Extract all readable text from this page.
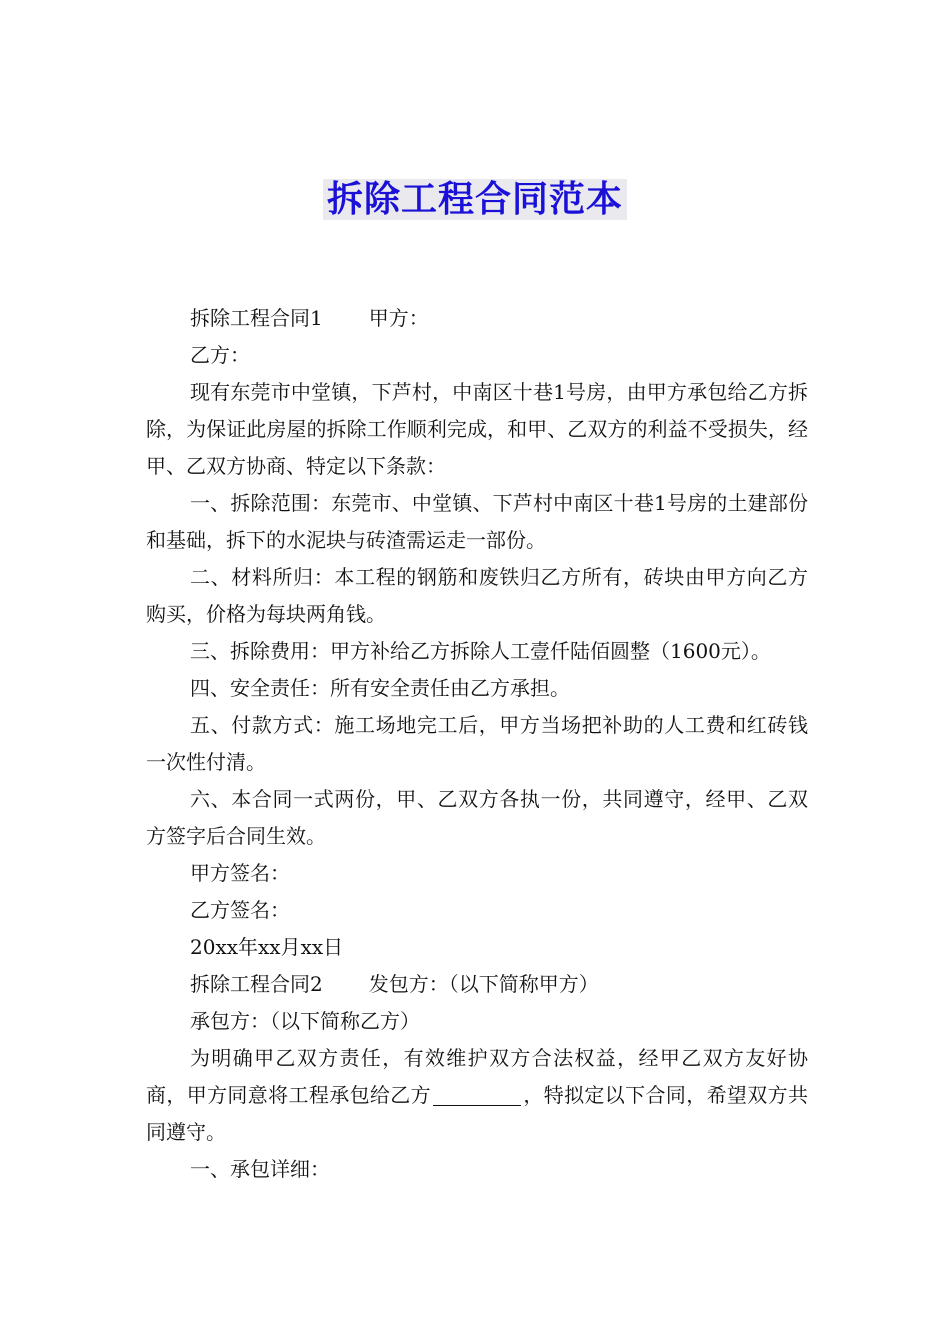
拆除工程合同范本

拆除工程合同1 甲方：

乙方：

现有东莞市中堂镇，下芦村，中南区十巷1号房，由甲方承包给乙方拆除，为保证此房屋的拆除工作顺利完成，和甲、乙双方的利益不受损失，经甲、乙双方协商、特定以下条款：

一、拆除范围：东莞市、中堂镇、下芦村中南区十巷1号房的土建部份和基础，拆下的水泥块与砖渣需运走一部份。

二、材料所归：本工程的钢筋和废铁归乙方所有，砖块由甲方向乙方购买，价格为每块两角钱。

三、拆除费用：甲方补给乙方拆除人工壹仟陆佰圆整（1600元）。

四、安全责任：所有安全责任由乙方承担。

五、付款方式：施工场地完工后，甲方当场把补助的人工费和红砖钱一次性付清。

六、本合同一式两份，甲、乙双方各执一份，共同遵守，经甲、乙双方签字后合同生效。

甲方签名：

乙方签名：

20xx年xx月xx日

拆除工程合同2 发包方：（以下简称甲方）

承包方：（以下简称乙方）

为明确甲乙双方责任，有效维护双方合法权益，经甲乙双方友好协商，甲方同意将工程承包给乙方	，特拟定以下合同，希望双方共同遵守。

一、承包详细：
